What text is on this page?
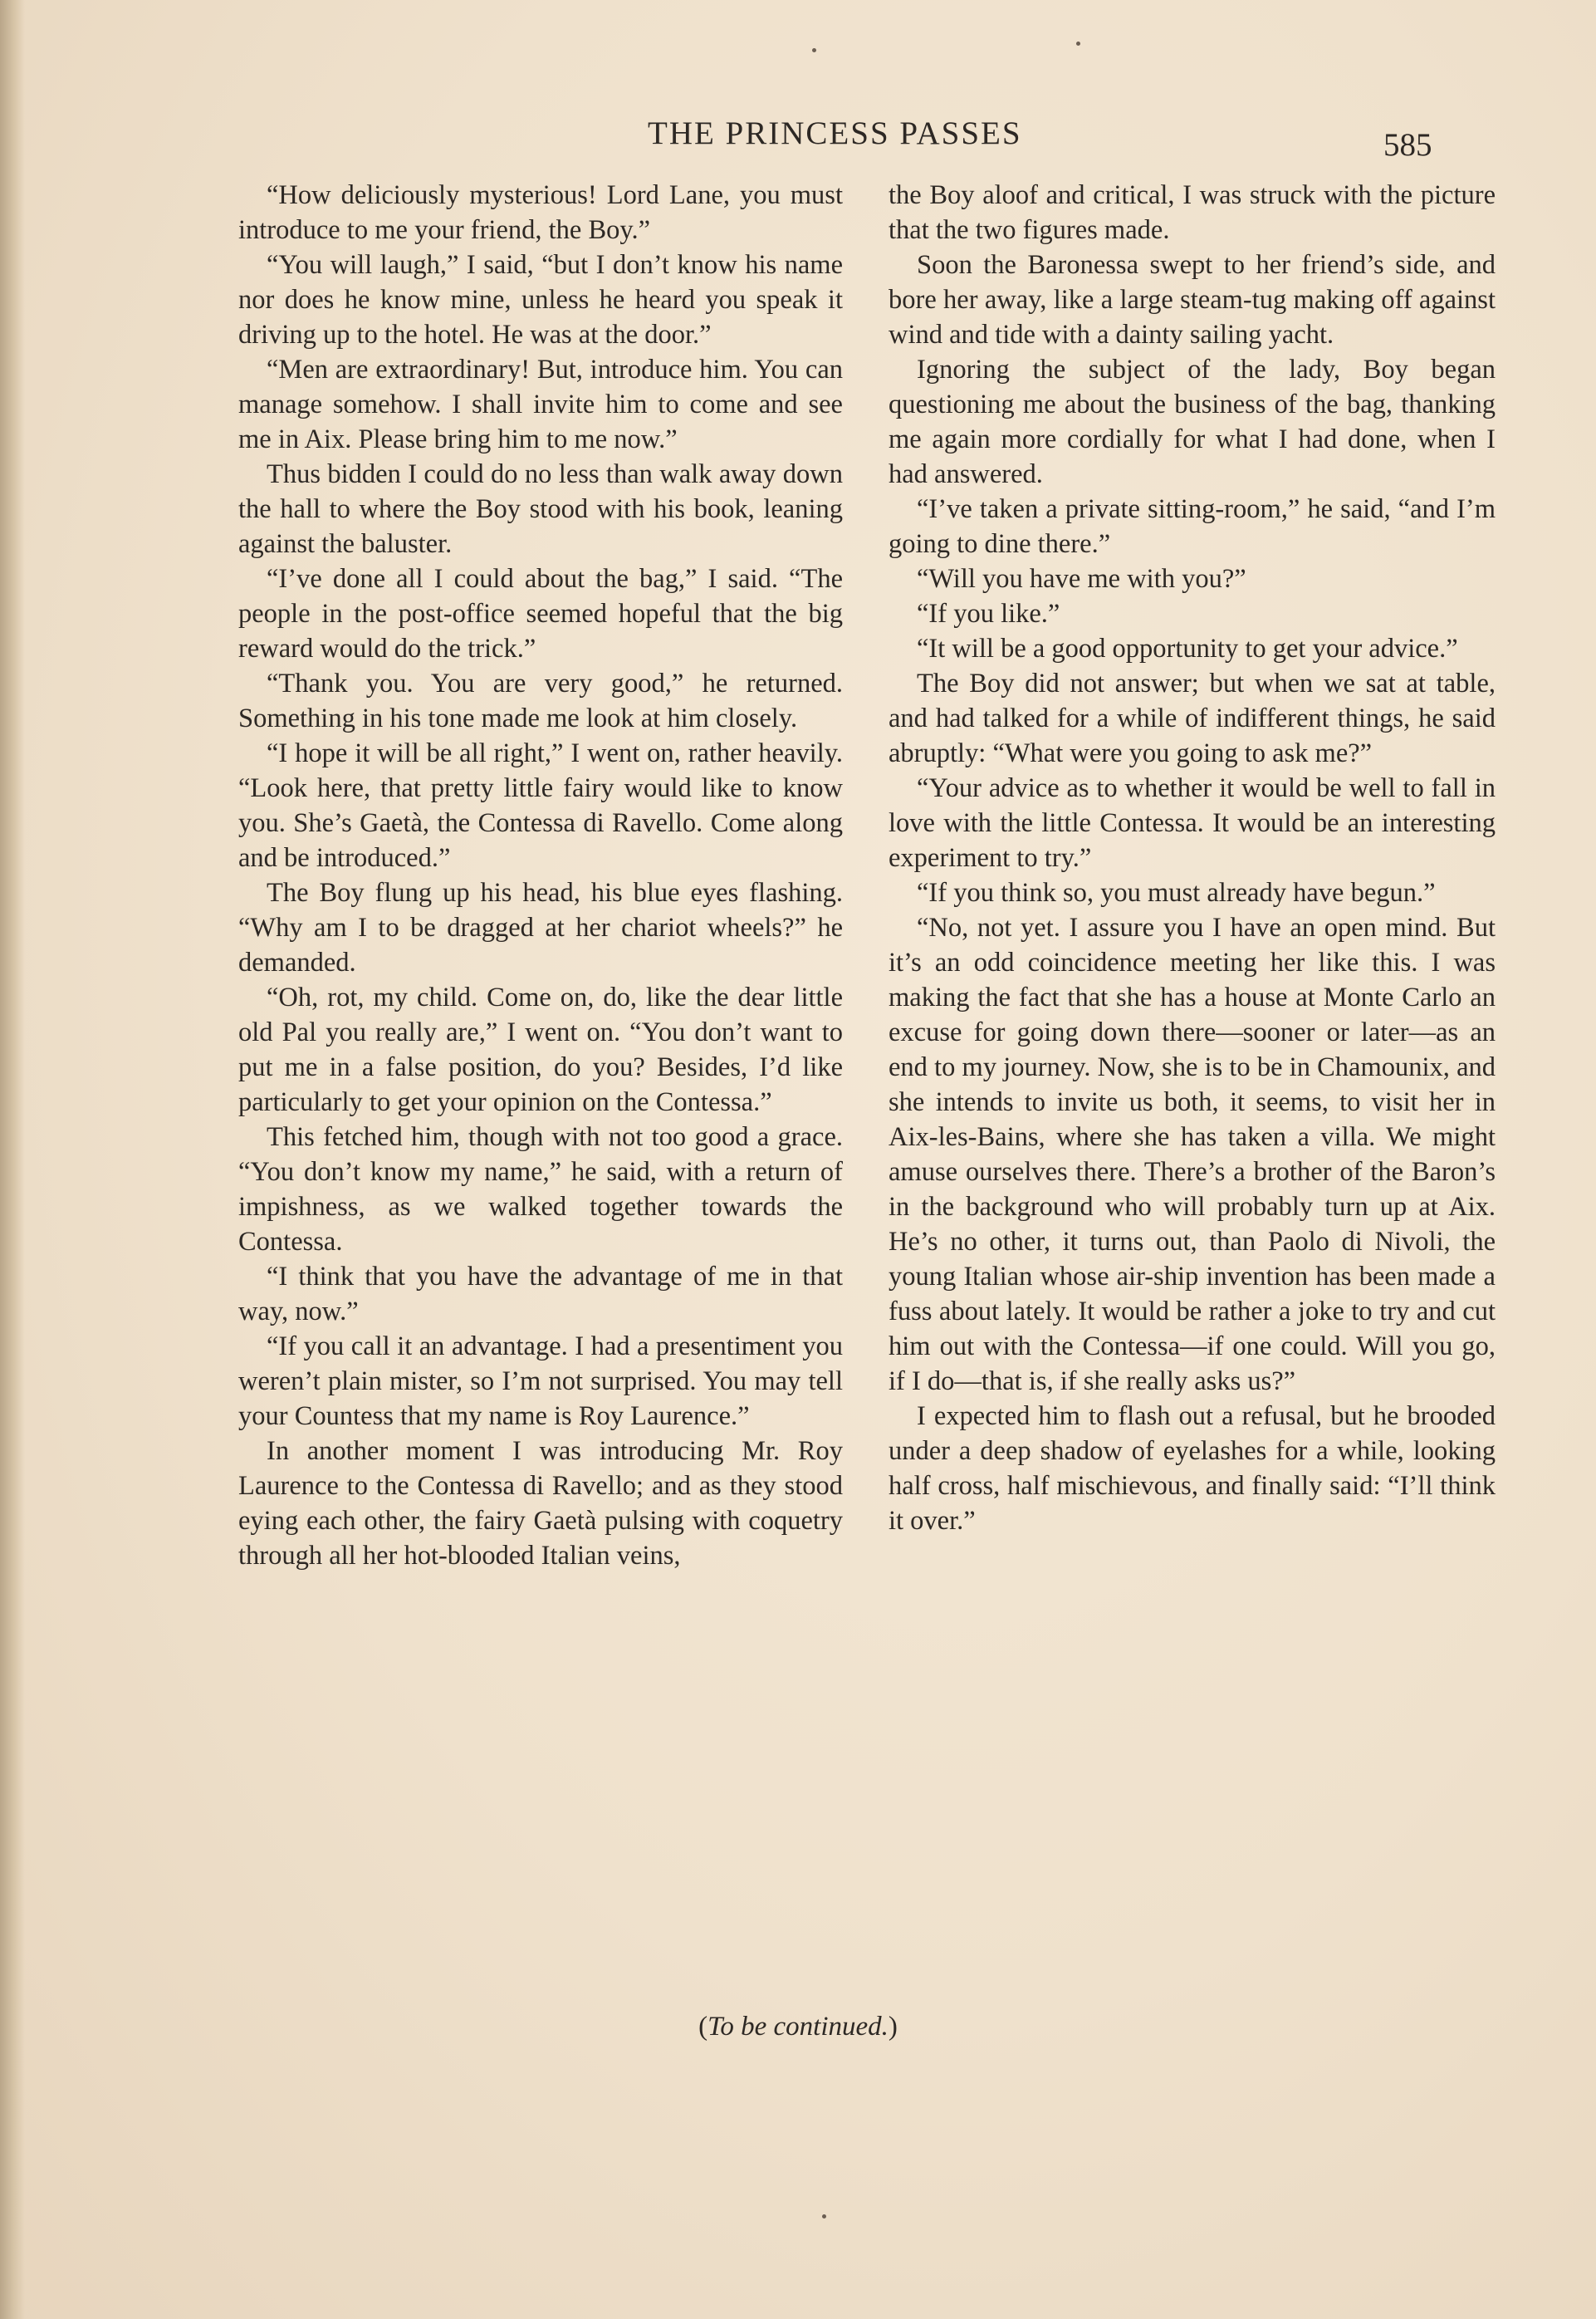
THE PRINCESS PASSES	585

“How deliciously mysterious! Lord Lane, you must introduce to me your friend, the Boy.”

“You will laugh,” I said, “but I don’t know his name nor does he know mine, unless he heard you speak it driving up to the hotel. He was at the door.”

“Men are extraordinary! But, introduce him. You can manage somehow. I shall invite him to come and see me in Aix. Please bring him to me now.”

Thus bidden I could do no less than walk away down the hall to where the Boy stood with his book, leaning against the baluster.

“I’ve done all I could about the bag,” I said. “The people in the post-office seemed hopeful that the big reward would do the trick.”

“Thank you. You are very good,” he returned. Something in his tone made me look at him closely.

“I hope it will be all right,” I went on, rather heavily. “Look here, that pretty little fairy would like to know you. She’s Gaetà, the Contessa di Ravello. Come along and be introduced.”

The Boy flung up his head, his blue eyes flashing. “Why am I to be dragged at her chariot wheels?” he demanded.

“Oh, rot, my child. Come on, do, like the dear little old Pal you really are,” I went on. “You don’t want to put me in a false position, do you? Besides, I’d like particularly to get your opinion on the Contessa.”

This fetched him, though with not too good a grace. “You don’t know my name,” he said, with a return of impishness, as we walked together towards the Contessa.

“I think that you have the advantage of me in that way, now.”

“If you call it an advantage. I had a presentiment you weren’t plain mister, so I’m not surprised. You may tell your Countess that my name is Roy Laurence.”

In another moment I was introducing Mr. Roy Laurence to the Contessa di Ravello; and as they stood eying each other, the fairy Gaetà pulsing with coquetry through all her hot-blooded Italian veins,

the Boy aloof and critical, I was struck with the picture that the two figures made.

Soon the Baronessa swept to her friend’s side, and bore her away, like a large steam-tug making off against wind and tide with a dainty sailing yacht.

Ignoring the subject of the lady, Boy began questioning me about the business of the bag, thanking me again more cordially for what I had done, when I had answered.

“I’ve taken a private sitting-room,” he said, “and I’m going to dine there.”

“Will you have me with you?”

“If you like.”

“It will be a good opportunity to get your advice.”

The Boy did not answer; but when we sat at table, and had talked for a while of indifferent things, he said abruptly: “What were you going to ask me?”

“Your advice as to whether it would be well to fall in love with the little Contessa. It would be an interesting experiment to try.”

“If you think so, you must already have begun.”

“No, not yet. I assure you I have an open mind. But it’s an odd coincidence meeting her like this. I was making the fact that she has a house at Monte Carlo an excuse for going down there—sooner or later—as an end to my journey. Now, she is to be in Chamounix, and she intends to invite us both, it seems, to visit her in Aix-les-Bains, where she has taken a villa. We might amuse ourselves there. There’s a brother of the Baron’s in the background who will probably turn up at Aix. He’s no other, it turns out, than Paolo di Nivoli, the young Italian whose air-ship invention has been made a fuss about lately. It would be rather a joke to try and cut him out with the Contessa—if one could. Will you go, if I do—that is, if she really asks us?”

I expected him to flash out a refusal, but he brooded under a deep shadow of eyelashes for a while, looking half cross, half mischievous, and finally said: “I’ll think it over.”

(To be continued.)
